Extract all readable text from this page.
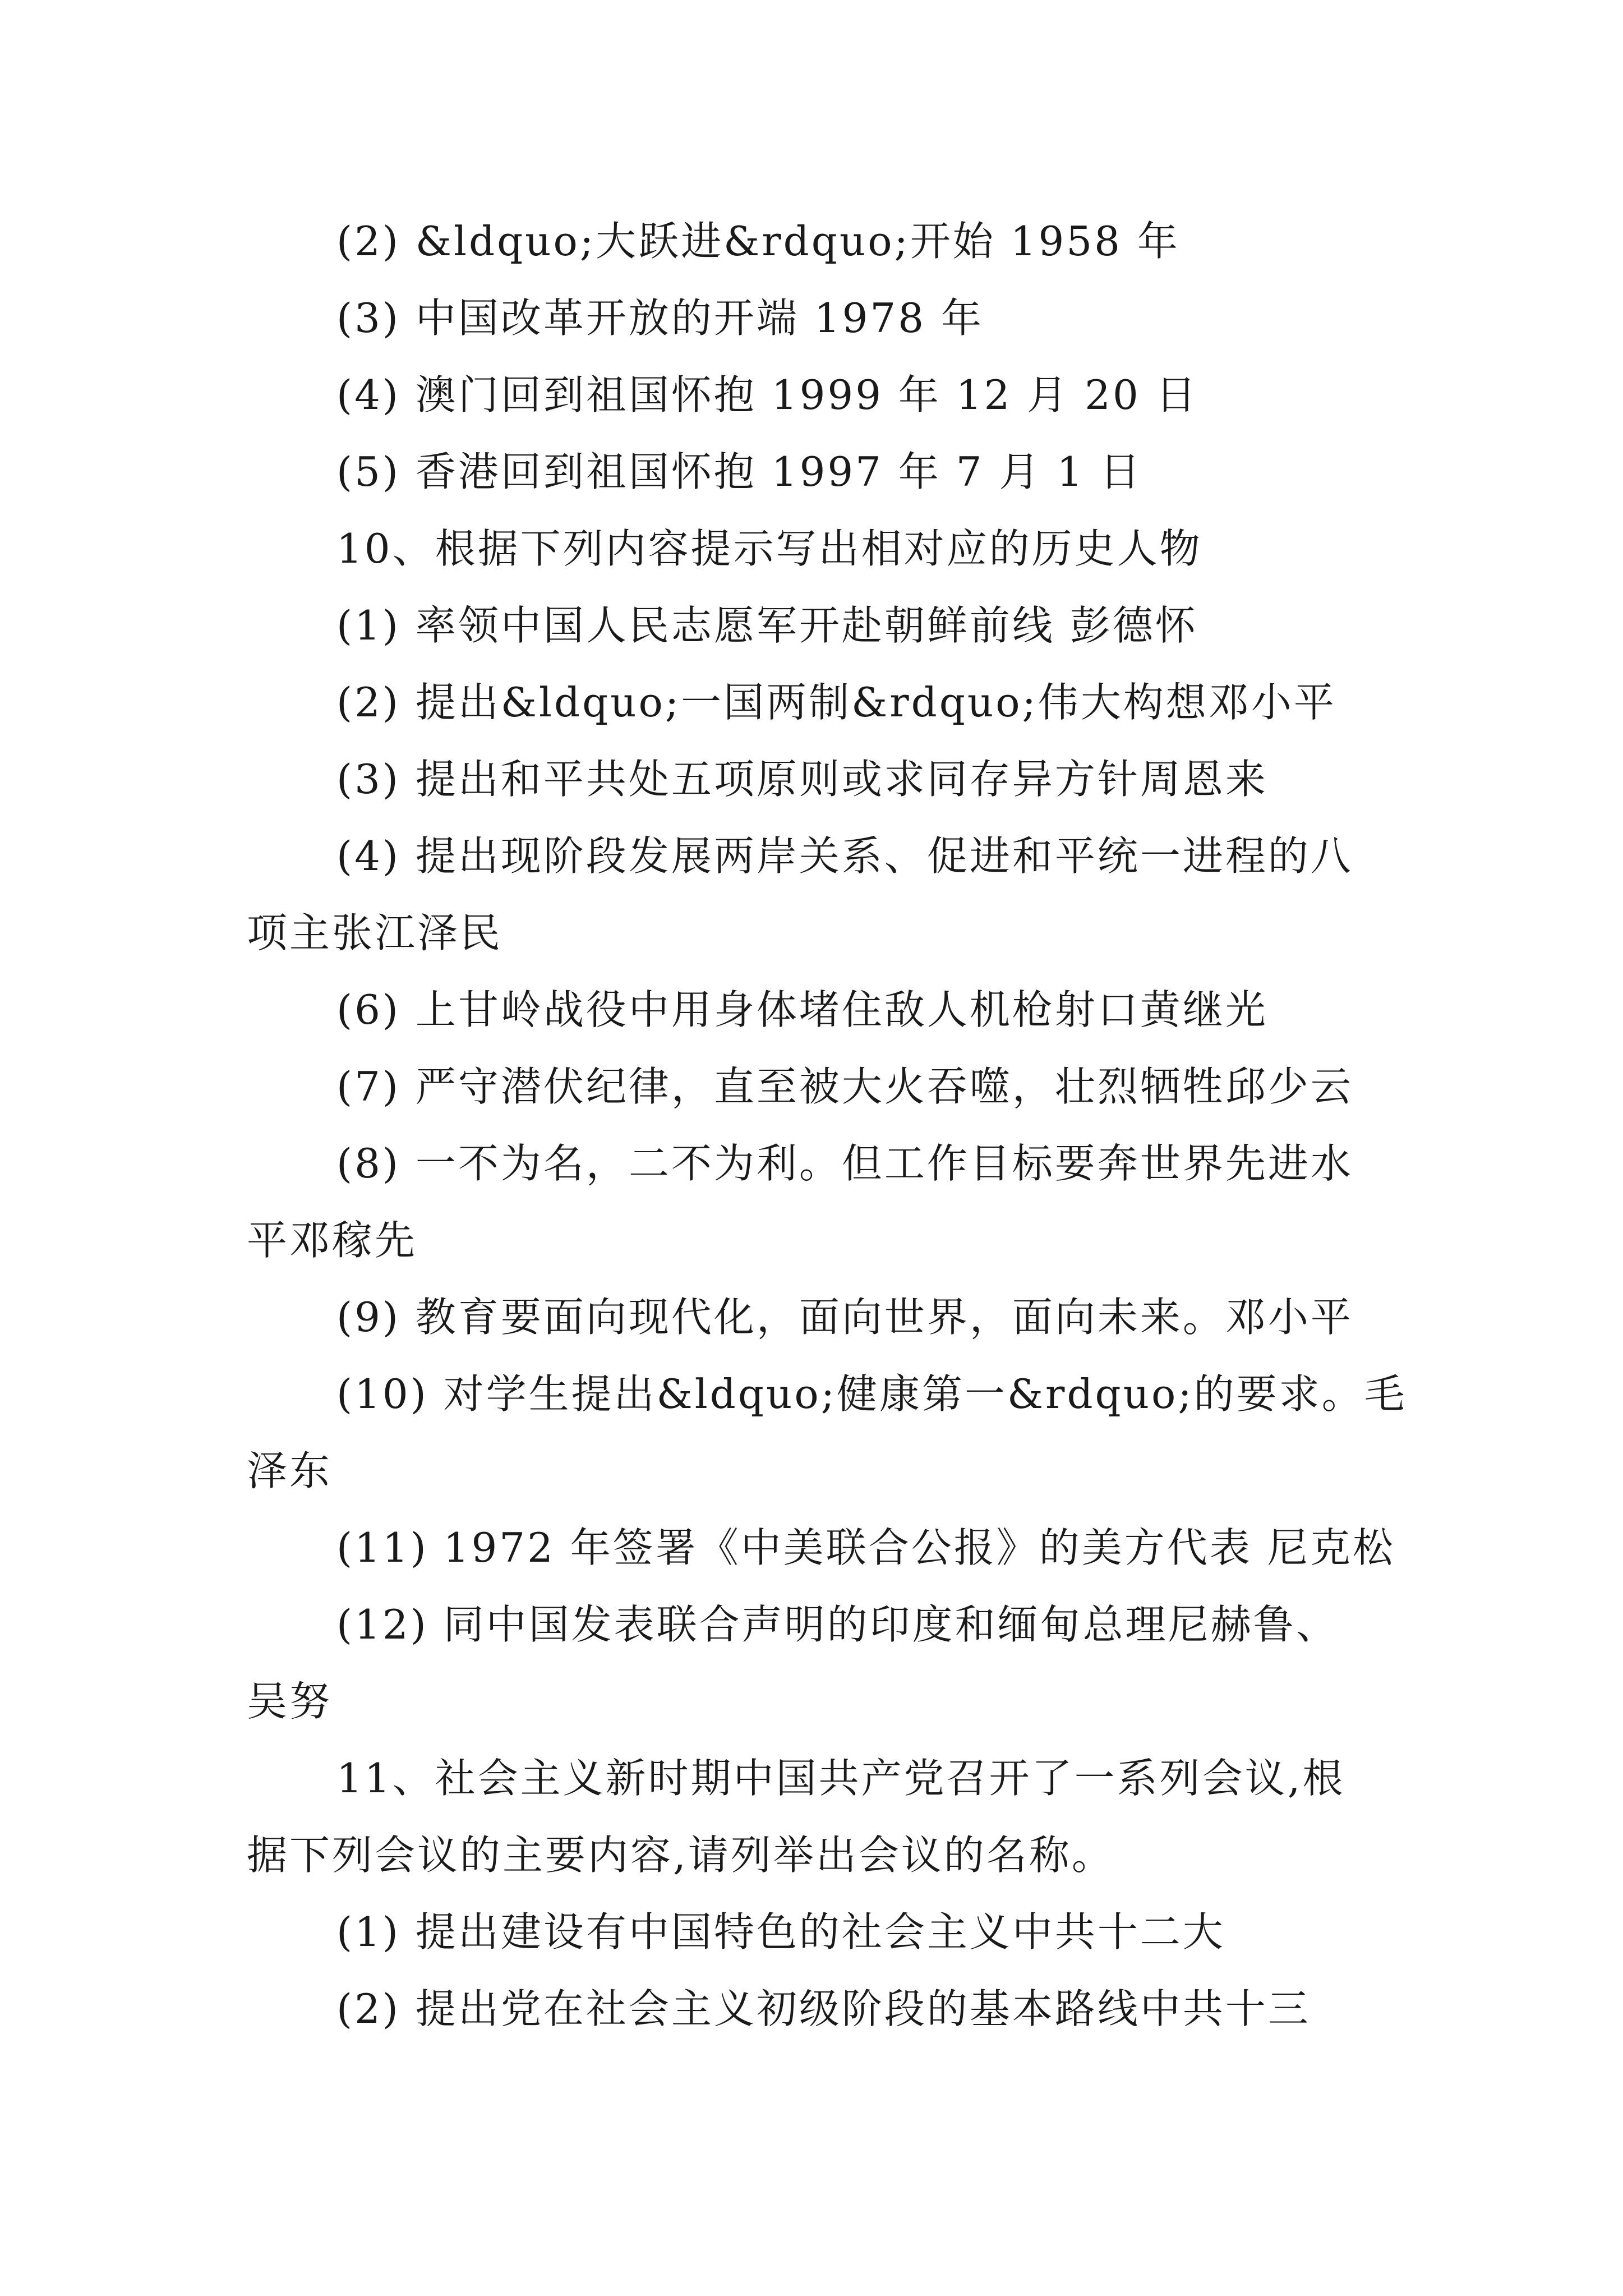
(2) &ldquo;大跃进&rdquo;开始 1958 年
(3) 中国改革开放的开端 1978 年
(4) 澳门回到祖国怀抱 1999 年 12 月 20 日
(5) 香港回到祖国怀抱 1997 年 7 月 1 日
10、根据下列内容提示写出相对应的历史人物
(1) 率领中国人民志愿军开赴朝鲜前线 彭德怀
(2) 提出&ldquo;一国两制&rdquo;伟大构想邓小平
(3) 提出和平共处五项原则或求同存异方针周恩来
(4) 提出现阶段发展两岸关系、促进和平统一进程的八
项主张江泽民
(6) 上甘岭战役中用身体堵住敌人机枪射口黄继光
(7) 严守潜伏纪律，直至被大火吞噬，壮烈牺牲邱少云
(8) 一不为名，二不为利。但工作目标要奔世界先进水
平邓稼先
(9) 教育要面向现代化，面向世界，面向未来。邓小平
(10) 对学生提出&ldquo;健康第一&rdquo;的要求。毛
泽东
(11) 1972 年签署《中美联合公报》的美方代表 尼克松
(12) 同中国发表联合声明的印度和缅甸总理尼赫鲁、
吴努
11、社会主义新时期中国共产党召开了一系列会议,根
据下列会议的主要内容,请列举出会议的名称。
(1) 提出建设有中国特色的社会主义中共十二大
(2) 提出党在社会主义初级阶段的基本路线中共十三
